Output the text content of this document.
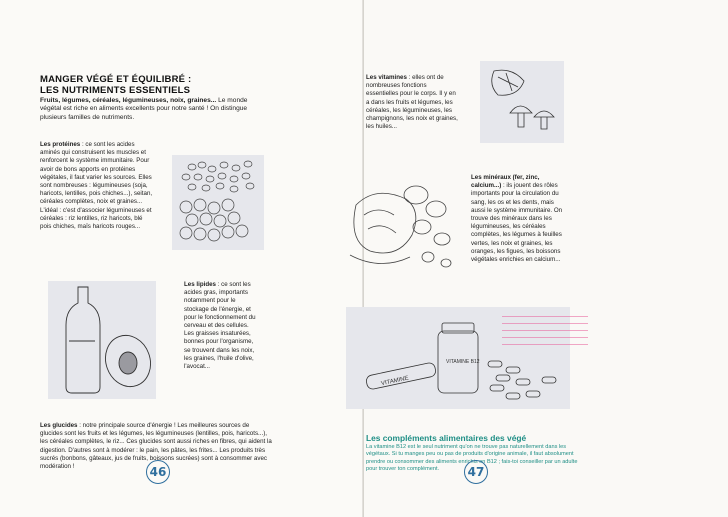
MANGER VÉGÉ ET ÉQUILIBRÉ :
LES NUTRIMENTS ESSENTIELS
Fruits, légumes, céréales, légumineuses, noix, graines... Le monde végétal est riche en aliments excellents pour notre santé ! On distingue plusieurs familles de nutriments.
Les protéines : ce sont les acides aminés qui construisent les muscles et renforcent le système immunitaire. Pour avoir de bons apports en protéines végétales, il faut varier les sources. Elles sont nombreuses : légumineuses (soja, haricots, lentilles, pois chiches...), seitan, céréales complètes, noix et graines... L'idéal : c'est d'associer légumineuses et céréales : riz lentilles, riz haricots, blé pois chiches, maïs haricots rouges...
Les lipides : ce sont les acides gras, importants notamment pour le stockage de l'énergie, et pour le fonctionnement du cerveau et des cellules. Les graisses insaturées, bonnes pour l'organisme, se trouvent dans les noix, les graines, l'huile d'olive, l'avocat...
Les glucides : notre principale source d'énergie ! Les meilleures sources de glucides sont les fruits et les légumes, les légumineuses (lentilles, pois, haricots...), les céréales complètes, le riz... Ces glucides sont aussi riches en fibres, qui aident la digestion. D'autres sont à modérer : le pain, les pâtes, les frites... Les produits très sucrés (bonbons, gâteaux, jus de fruits, boissons sucrées) sont à consommer avec modération !	46
Les vitamines : elles ont de nombreuses fonctions essentielles pour le corps. Il y en a dans les fruits et légumes, les céréales, les légumineuses, les champignons, les noix et graines, les huiles...
Les minéraux (fer, zinc, calcium...) : ils jouent des rôles importants pour la circulation du sang, les os et les dents, mais aussi le système immunitaire. On trouve des minéraux dans les légumineuses, les céréales complètes, les légumes à feuilles vertes, les noix et graines, les oranges, les figues, les boissons végétales enrichies en calcium...
VITAMINE
VITAMINE B12
Les compléments alimentaires des végé
La vitamine B12 est le seul nutriment qu'on ne trouve pas naturellement dans les végétaux. Si tu manges peu ou pas de produits d'origine animale, il faut absolument prendre ou consommer des aliments enrichis en B12 ; fais-toi conseiller par un adulte pour trouver ton complément.	47
